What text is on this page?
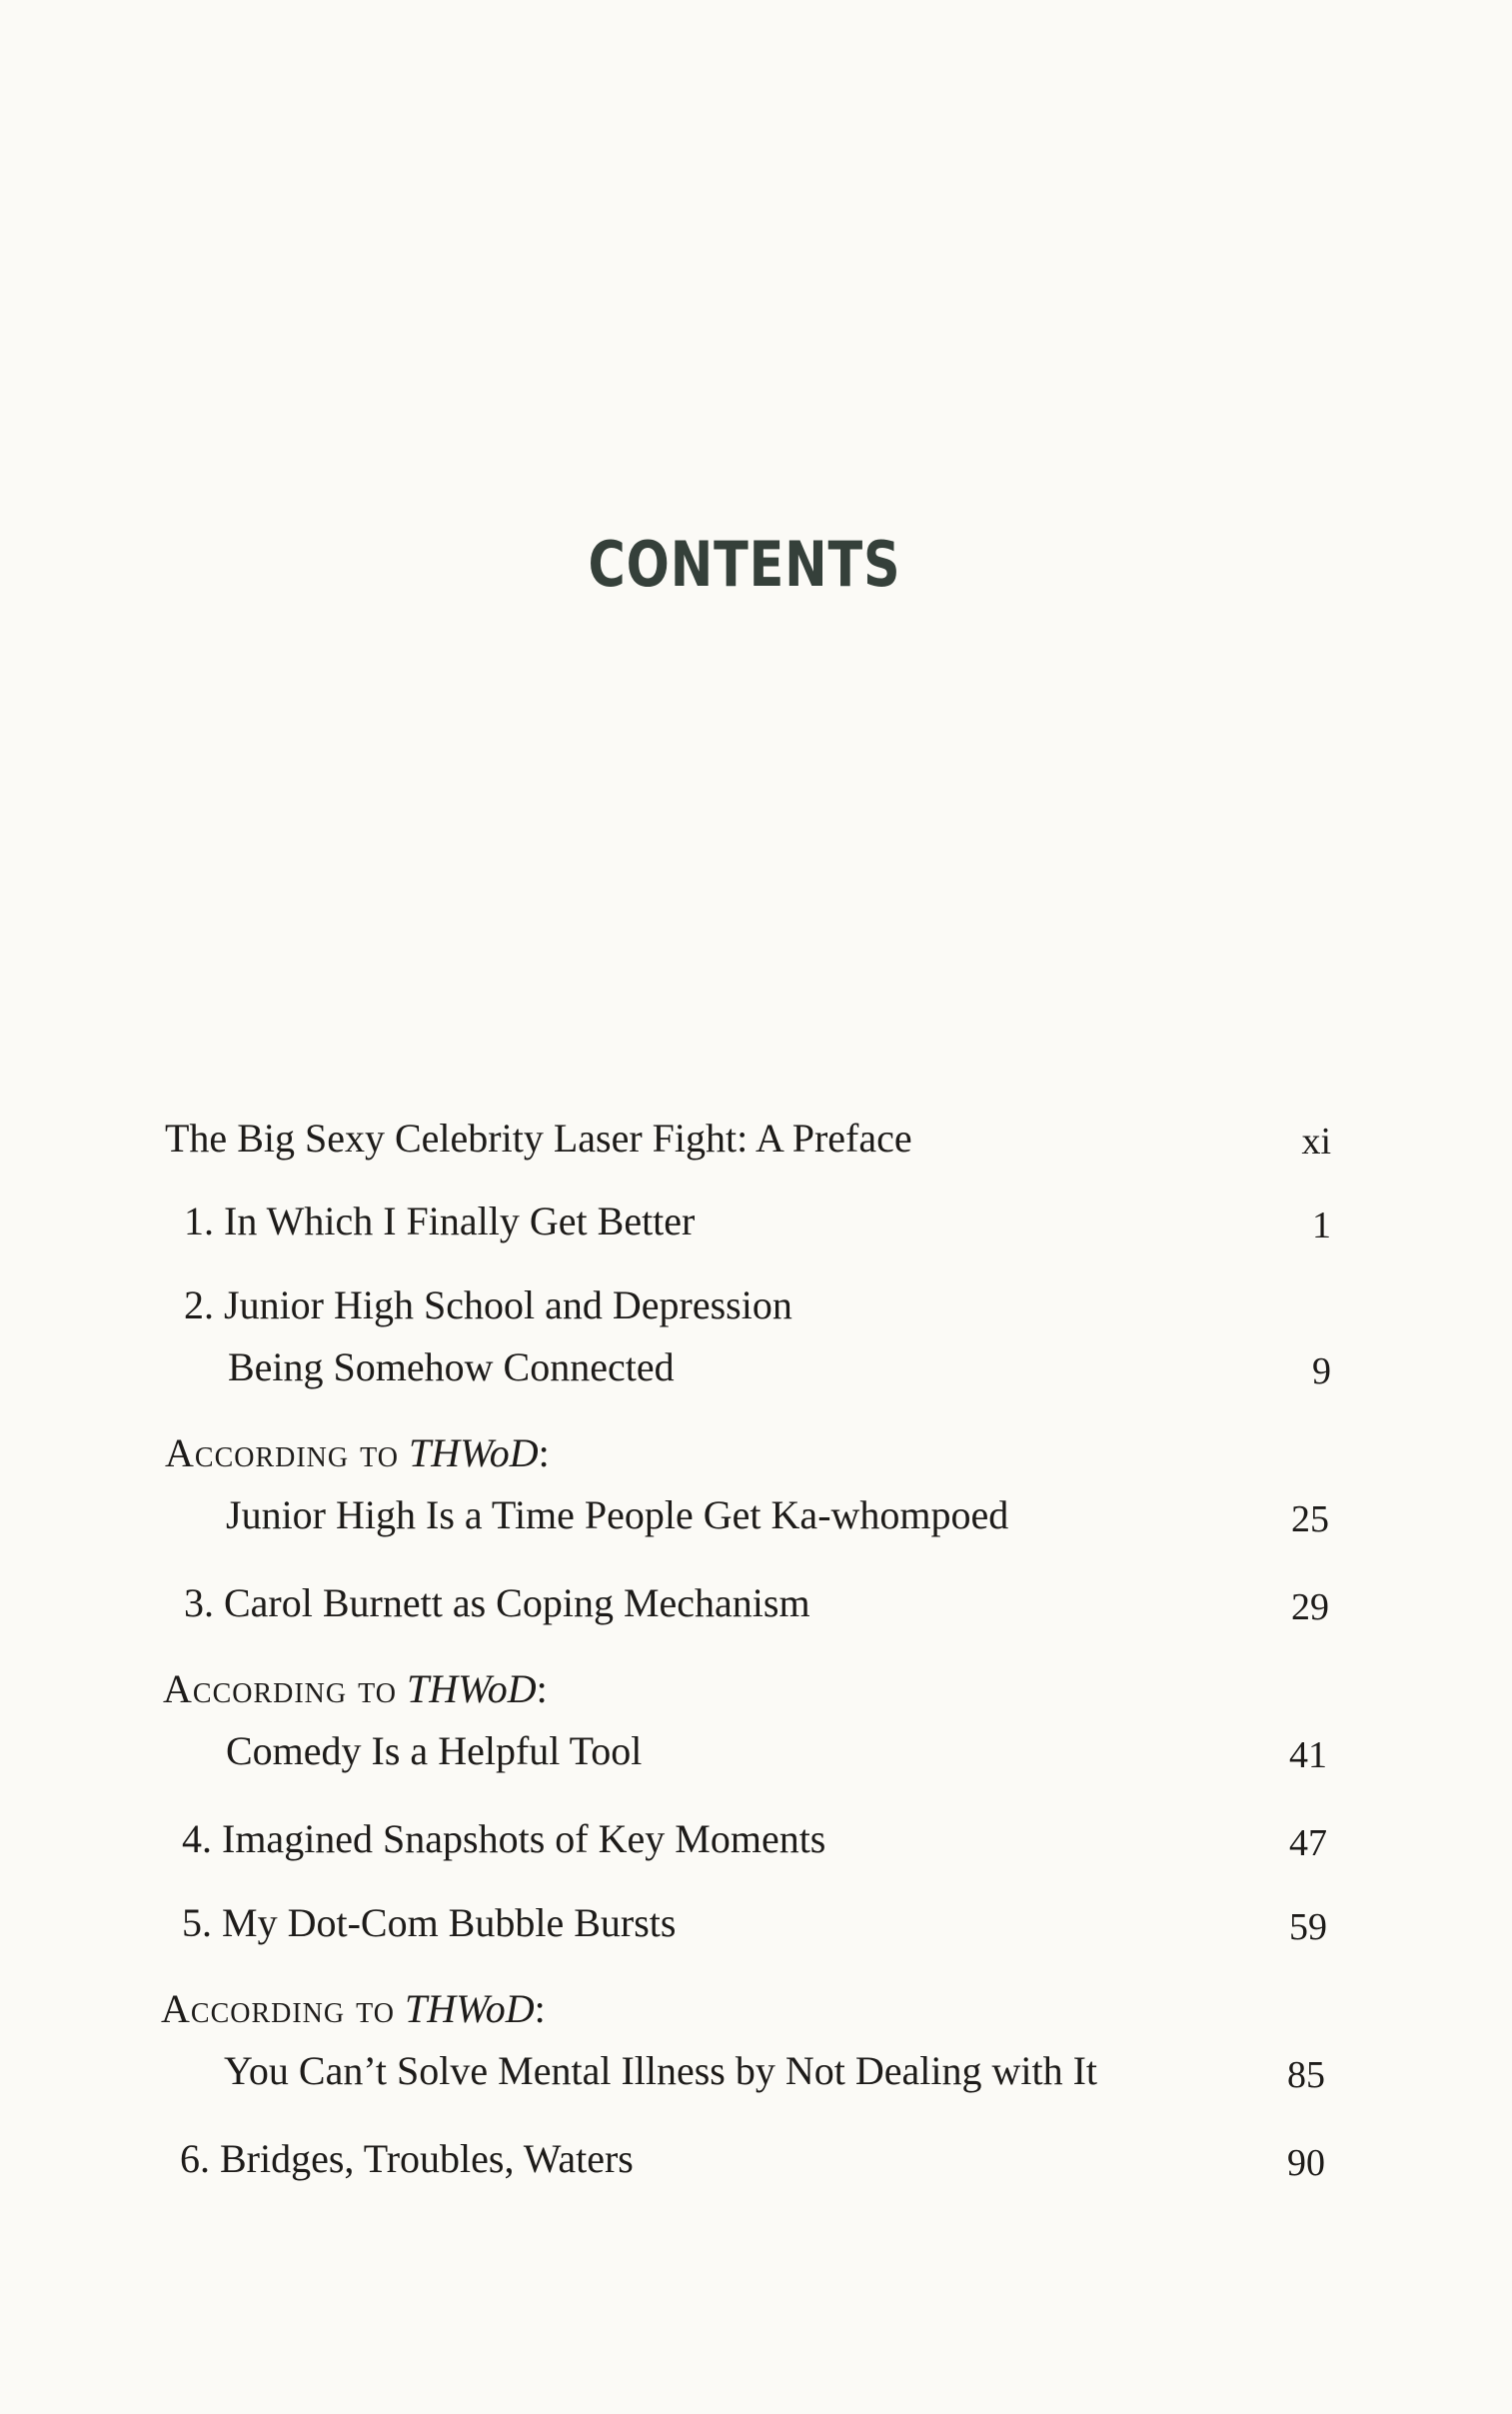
CONTENTS
The Big Sexy Celebrity Laser Fight: A Preface	xi
1. In Which I Finally Get Better	1
2. Junior High School and Depression
Being Somehow Connected	9
According to THWoD:
Junior High Is a Time People Get Ka-whompoed	25
3. Carol Burnett as Coping Mechanism	29
According to THWoD:
Comedy Is a Helpful Tool	41
4. Imagined Snapshots of Key Moments	47
5. My Dot-Com Bubble Bursts	59
According to THWoD:
You Can’t Solve Mental Illness by Not Dealing with It	85
6. Bridges, Troubles, Waters	90
